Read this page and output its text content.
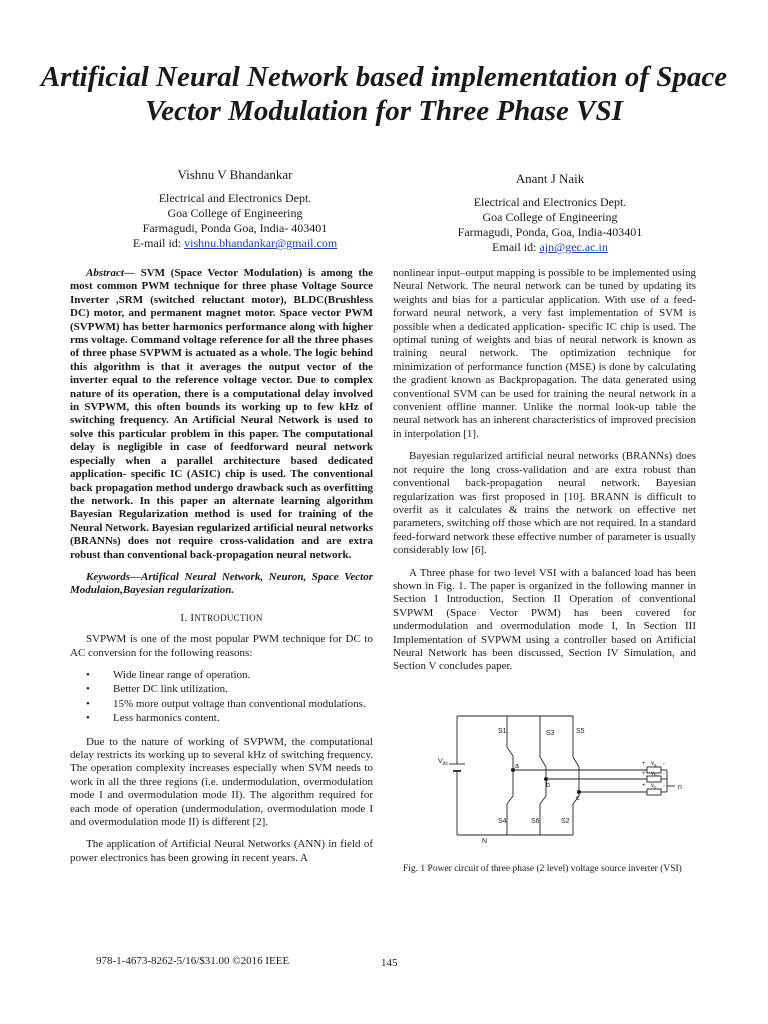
Artificial Neural Network based implementation of Space Vector Modulation for Three Phase VSI
Vishnu V Bhandankar
Electrical and Electronics Dept.
Goa College of Engineering
Farmagudi, Ponda Goa, India- 403401
E-mail id: vishnu.bhandankar@gmail.com
Anant J Naik
Electrical and Electronics Dept.
Goa College of Engineering
Farmagudi, Ponda, Goa, India-403401
Email id: ajn@gec.ac.in
Abstract— SVM (Space Vector Modulation) is among the most common PWM technique for three phase Voltage Source Inverter ,SRM (switched reluctant motor), BLDC(Brushless DC) motor, and permanent magnet motor. Space vector PWM (SVPWM) has better harmonics performance along with higher rms voltage. Command voltage reference for all the three phases of three phase SVPWM is actuated as a whole. The logic behind this algorithm is that it averages the output vector of the inverter equal to the reference voltage vector. Due to complex nature of its operation, there is a computational delay involved in SVPWM, this often bounds its working up to few kHz of switching frequency. An Artificial Neural Network is used to solve this particular problem in this paper. The computational delay is negligible in case of feedforward neural network especially when a parallel architecture based dedicated application- specific IC (ASIC) chip is used. The conventional back propagation method undergo drawback such as overfitting the network. In this paper an alternate learning algorithm Bayesian Regularization method is used for training of the Neural Network. Bayesian regularized artificial neural networks (BRANNs) does not require cross-validation and are extra robust than conventional back-propagation neural network.
Keywords—Artifical Neural Network, Neuron, Space Vector Modulaion,Bayesian regularization.
I. INTRODUCTION

SVPWM is one of the most popular PWM technique for DC to AC conversion for the following reasons:

• Wide linear range of operation.
• Better DC link utilization.
• 15% more output voltage than conventional modulations.
• Less harmonics content.

Due to the nature of working of SVPWM, the computational delay restricts its working up to several kHz of switching frequency. The operation complexity increases especially when SVM needs to work in all the three regions (i.e. undermodulation, overmodulation mode I and overmodulation mode II). The algorithm required for each mode of operation (undermodulation, overmodulation mode I and overmodulation mode II) is different [2].

The application of Artificial Neural Networks (ANN) in field of power electronics has been growing in recent years. A

nonlinear input–output mapping is possible to be implemented using Neural Network. The neural network can be tuned by updating its weights and bias for a particular application. With use of a feed-forward neural network, a very fast implementation of SVM is possible when a dedicated application- specific IC chip is used. The optimal tuning of weights and bias of neural network is known as training neural network. The optimization technique for minimization of performance function (MSE) is done by calculating the gradient known as Backpropagation. The data generated using conventional SVM can be used for training the neural network in a convenient offline manner. Unlike the normal look-up table the neural network has an inherent characteristics of improved precision in interpolation [1].

Bayesian regularized artificial neural networks (BRANNs) does not require the long cross-validation and are extra robust than conventional back-propagation neural network. Bayesian regularization was first proposed in [10]. BRANN is difficult to overfit as it calculates & trains the network on effective net parameters, switching off those which are not required. In a standard feed-forward network these effective number of parameter is usually considerably low [6].

A Three phase for two level VSI with a balanced load has been shown in Fig. 1. The paper is organized in the following manner in Section I Introduction, Section II Operation of conventional SVPWM (Space Vector PWM) has been covered for undermodulation and overmodulation mode I, In Section III Implementation of SVPWM using a controller based on Artificial Neural Network has been discussed, Section IV Simulation, and Section V concludes paper.

S1	S3	S5
S4	S6	S2
$V_{dc}$	a
b
c
n
N
+ $v_a$ -
+ $v_b$ -
+ $v_c$ -
Fig. 1 Power circuit of three phase (2 level) voltage source inverter (VSI)
978-1-4673-8262-5/16/$31.00 ©2016 IEEE	145
